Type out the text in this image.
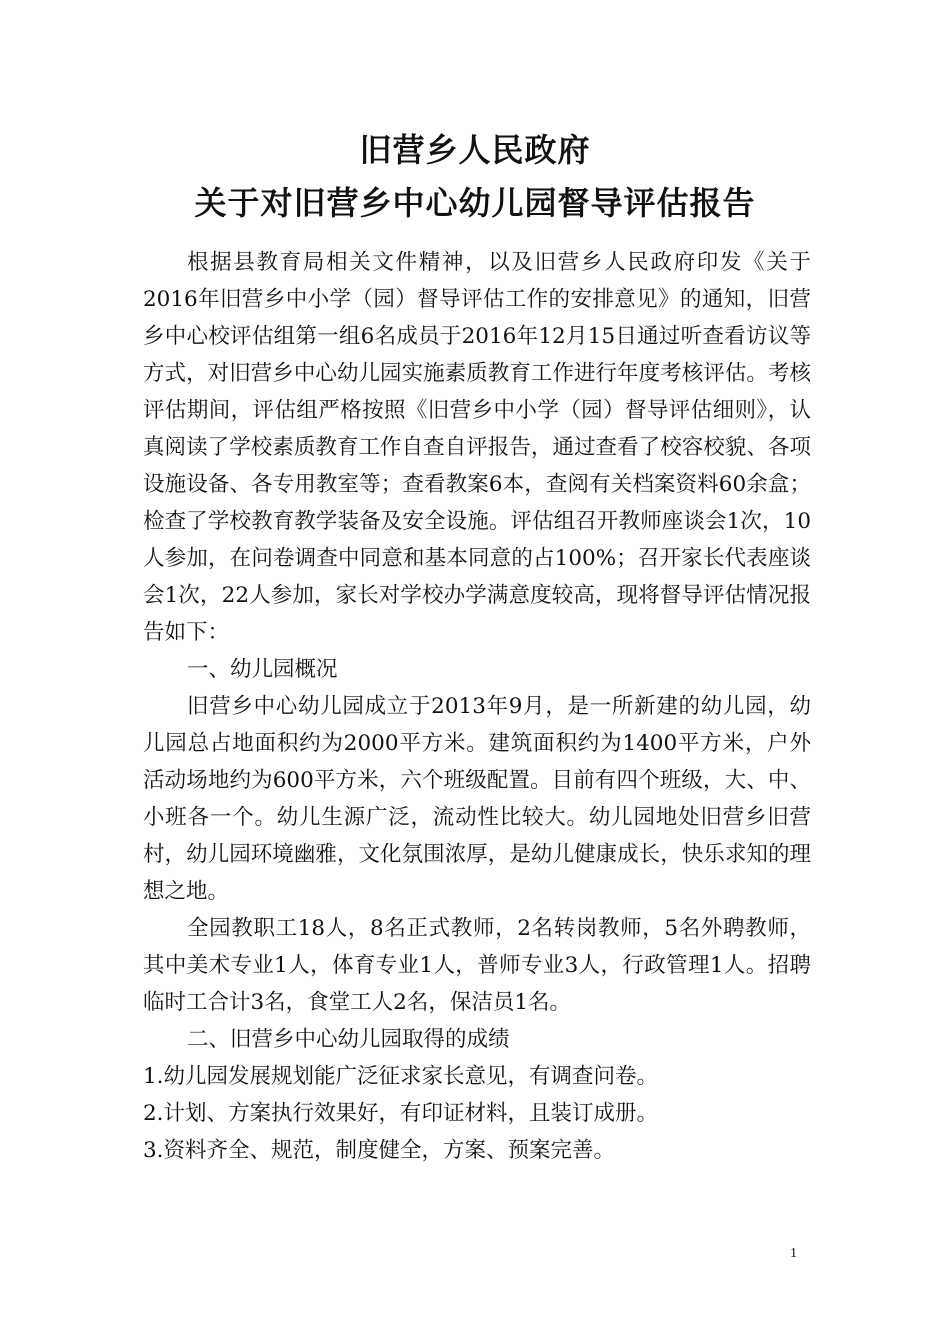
旧营乡人民政府
关于对旧营乡中心幼儿园督导评估报告

根据县教育局相关文件精神，以及旧营乡人民政府印发《关于2016年旧营乡中小学（园）督导评估工作的安排意见》的通知，旧营乡中心校评估组第一组6名成员于2016年12月15日通过听查看访议等方式，对旧营乡中心幼儿园实施素质教育工作进行年度考核评估。考核评估期间，评估组严格按照《旧营乡中小学（园）督导评估细则》，认真阅读了学校素质教育工作自查自评报告，通过查看了校容校貌、各项设施设备、各专用教室等；查看教案6本，查阅有关档案资料60余盒；检查了学校教育教学装备及安全设施。评估组召开教师座谈会1次，10人参加，在问卷调查中同意和基本同意的占100%；召开家长代表座谈会1次，22人参加，家长对学校办学满意度较高，现将督导评估情况报告如下：

一、幼儿园概况

旧营乡中心幼儿园成立于2013年9月，是一所新建的幼儿园，幼儿园总占地面积约为2000平方米。建筑面积约为1400平方米，户外活动场地约为600平方米，六个班级配置。目前有四个班级，大、中、小班各一个。幼儿生源广泛，流动性比较大。幼儿园地处旧营乡旧营村，幼儿园环境幽雅，文化氛围浓厚，是幼儿健康成长，快乐求知的理想之地。

全园教职工18人，8名正式教师，2名转岗教师，5名外聘教师，其中美术专业1人，体育专业1人，普师专业3人，行政管理1人。招聘临时工合计3名，食堂工人2名，保洁员1名。

二、旧营乡中心幼儿园取得的成绩

1.幼儿园发展规划能广泛征求家长意见，有调查问卷。

2.计划、方案执行效果好，有印证材料，且装订成册。

3.资料齐全、规范，制度健全，方案、预案完善。

1
